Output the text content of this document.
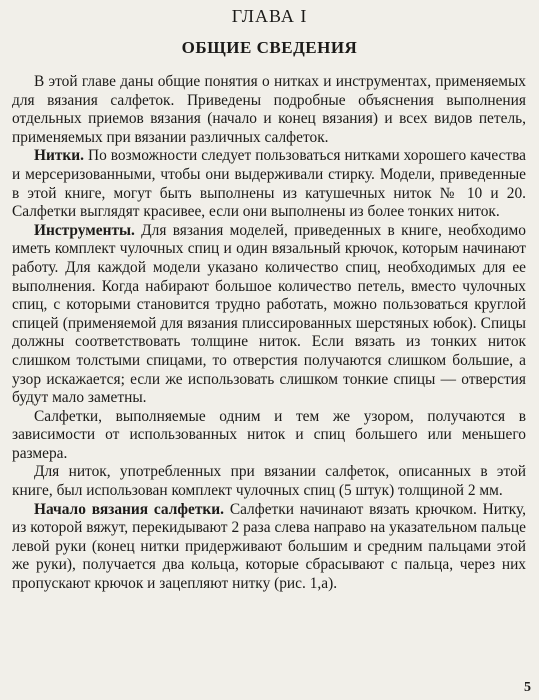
ГЛАВА I
ОБЩИЕ СВЕДЕНИЯ

В этой главе даны общие понятия о нитках и инструментах, применяемых для вязания салфеток. Приведены подробные объяснения выполнения отдельных приемов вязания (начало и конец вязания) и всех видов петель, применяемых при вязании различных салфеток.

Нитки. По возможности следует пользоваться нитками хорошего качества и мерсеризованными, чтобы они выдерживали стирку. Модели, приведенные в этой книге, могут быть выполнены из катушечных ниток № 10 и 20. Салфетки выглядят красивее, если они выполнены из более тонких ниток.

Инструменты. Для вязания моделей, приведенных в книге, необходимо иметь комплект чулочных спиц и один вязальный крючок, которым начинают работу. Для каждой модели указано количество спиц, необходимых для ее выполнения. Когда набирают большое количество петель, вместо чулочных спиц, с которыми становится трудно работать, можно пользоваться круглой спицей (применяемой для вязания плиссированных шерстяных юбок). Спицы должны соответствовать толщине ниток. Если вязать из тонких ниток слишком толстыми спицами, то отверстия получаются слишком большие, а узор искажается; если же использовать слишком тонкие спицы — отверстия будут мало заметны.

Салфетки, выполняемые одним и тем же узором, получаются в зависимости от использованных ниток и спиц большего или меньшего размера.

Для ниток, употребленных при вязании салфеток, описанных в этой книге, был использован комплект чулочных спиц (5 штук) толщиной 2 мм.

Начало вязания салфетки. Салфетки начинают вязать крючком. Нитку, из которой вяжут, перекидывают 2 раза слева направо на указательном пальце левой руки (конец нитки придерживают большим и средним пальцами этой же руки), получается два кольца, которые сбрасывают с пальца, через них пропускают крючок и зацепляют нитку (рис. 1,а).

5
